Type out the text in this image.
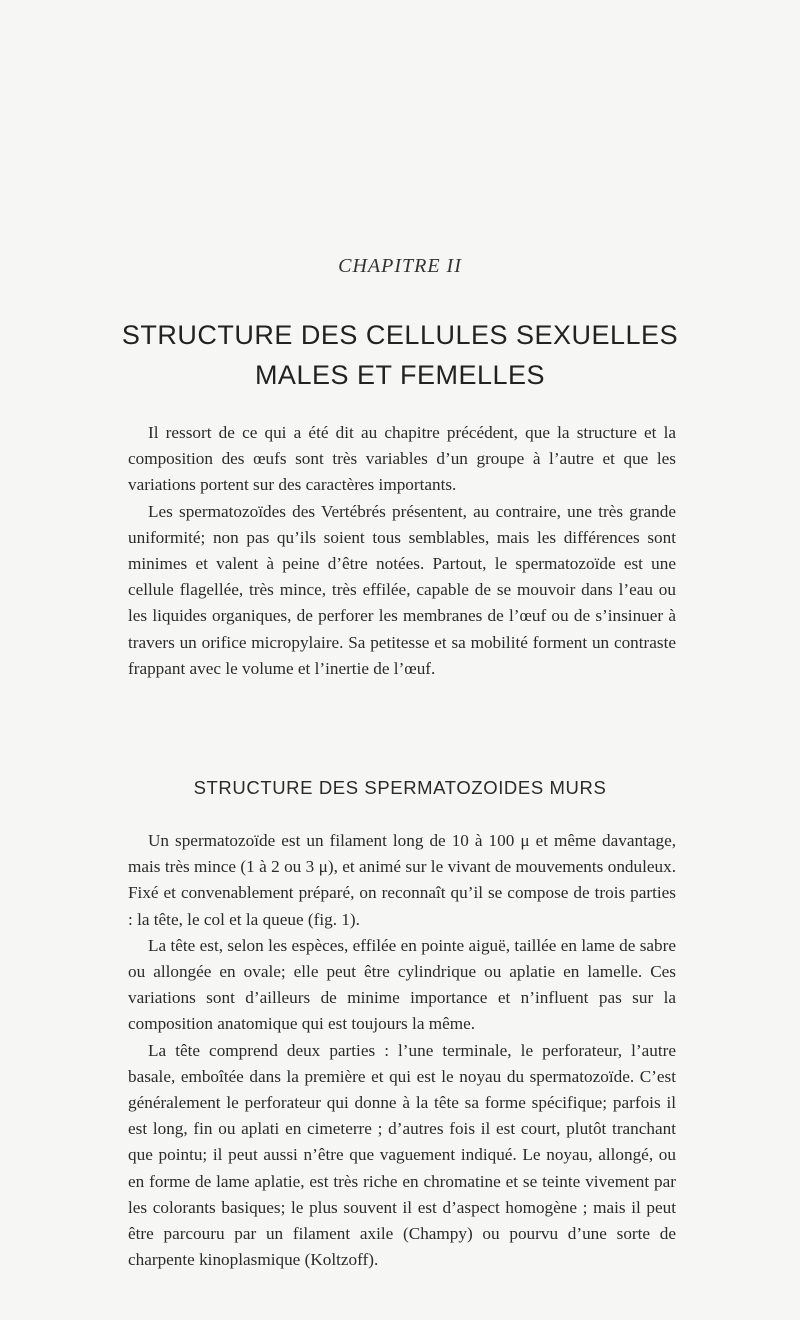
CHAPITRE II
STRUCTURE DES CELLULES SEXUELLES
MALES ET FEMELLES

Il ressort de ce qui a été dit au chapitre précédent, que la structure et la composition des œufs sont très variables d’un groupe à l’autre et que les variations portent sur des caractères importants.

Les spermatozoïdes des Vertébrés présentent, au contraire, une très grande uniformité; non pas qu’ils soient tous semblables, mais les différences sont minimes et valent à peine d’être notées. Partout, le spermatozoïde est une cellule flagellée, très mince, très effilée, capable de se mouvoir dans l’eau ou les liquides organiques, de perforer les membranes de l’œuf ou de s’insinuer à travers un orifice micropylaire. Sa petitesse et sa mobilité forment un contraste frappant avec le volume et l’inertie de l’œuf.

STRUCTURE DES SPERMATOZOIDES MURS

Un spermatozoïde est un filament long de 10 à 100 μ et même davantage, mais très mince (1 à 2 ou 3 μ), et animé sur le vivant de mouvements onduleux. Fixé et convenablement préparé, on reconnaît qu’il se compose de trois parties : la tête, le col et la queue (fig. 1).

La tête est, selon les espèces, effilée en pointe aiguë, taillée en lame de sabre ou allongée en ovale; elle peut être cylindrique ou aplatie en lamelle. Ces variations sont d’ailleurs de minime importance et n’influent pas sur la composition anatomique qui est toujours la même.

La tête comprend deux parties : l’une terminale, le perforateur, l’autre basale, emboîtée dans la première et qui est le noyau du spermatozoïde. C’est généralement le perforateur qui donne à la tête sa forme spécifique; parfois il est long, fin ou aplati en cimeterre ; d’autres fois il est court, plutôt tranchant que pointu; il peut aussi n’être que vaguement indiqué. Le noyau, allongé, ou en forme de lame aplatie, est très riche en chromatine et se teinte vivement par les colorants basiques; le plus souvent il est d’aspect homogène ; mais il peut être parcouru par un filament axile (Champy) ou pourvu d’une sorte de charpente kinoplasmique (Koltzoff).
